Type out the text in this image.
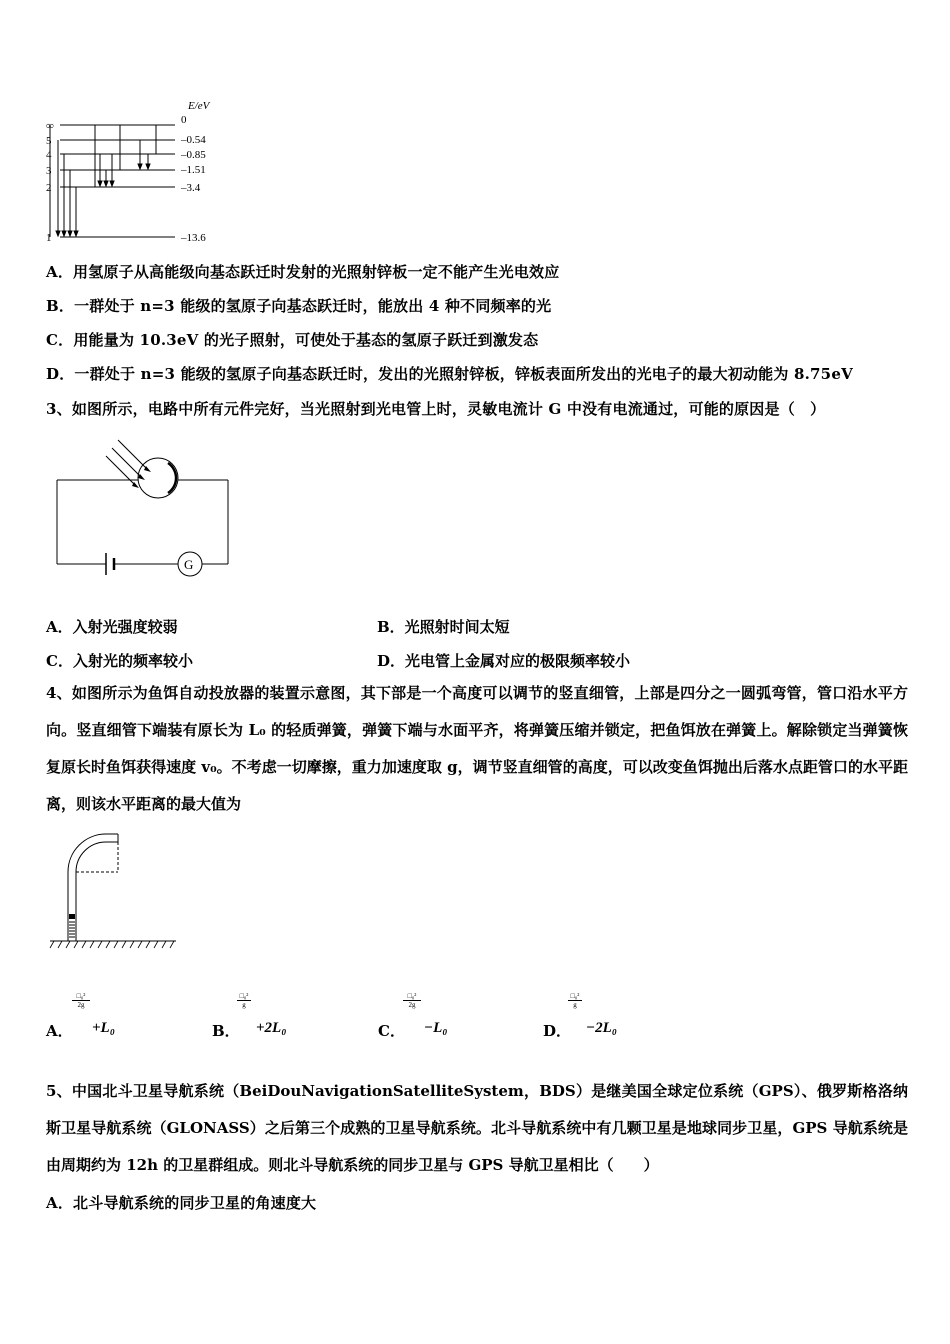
E/eV
∞
5
4
3
2
1
0
–0.54
–0.85
–1.51
–3.4
–13.6
A．用氢原子从高能级向基态跃迁时发射的光照射锌板一定不能产生光电效应
B．一群处于 n=3 能级的氢原子向基态跃迁时，能放出 4 种不同频率的光
C．用能量为 10.3eV 的光子照射，可使处于基态的氢原子跃迁到激发态
D．一群处于 n=3 能级的氢原子向基态跃迁时，发出的光照射锌板，锌板表面所发出的光电子的最大初动能为 8.75eV
3、如图所示，电路中所有元件完好，当光照射到光电管上时，灵敏电流计 G 中没有电流通过，可能的原因是（　）
G
A．入射光强度较弱	B．光照射时间太短
C．入射光的频率较小	D．光电管上金属对应的极限频率较小
4、如图所示为鱼饵自动投放器的装置示意图，其下部是一个高度可以调节的竖直细管，上部是四分之一圆弧弯管，管口沿水平方向。竖直细管下端装有原长为 L₀ 的轻质弹簧，弹簧下端与水面平齐，将弹簧压缩并锁定，把鱼饵放在弹簧上。解除锁定当弹簧恢复原长时鱼饵获得速度 v₀。不考虑一切摩擦，重力加速度取 g，调节竖直细管的高度，可以改变鱼饵抛出后落水点距管口的水平距离，则该水平距离的最大值为
A．
□₀²
2g
+L₀	B．
□₀²
g
+2L₀	C．
□₀²
2g
−L₀	D．
□₀²
g
−2L₀
5、中国北斗卫星导航系统（BeiDouNavigationSatelliteSystem，BDS）是继美国全球定位系统（GPS）、俄罗斯格洛纳斯卫星导航系统（GLONASS）之后第三个成熟的卫星导航系统。北斗导航系统中有几颗卫星是地球同步卫星，GPS 导航系统是由周期约为 12h 的卫星群组成。则北斗导航系统的同步卫星与 GPS 导航卫星相比（　　）
A．北斗导航系统的同步卫星的角速度大
